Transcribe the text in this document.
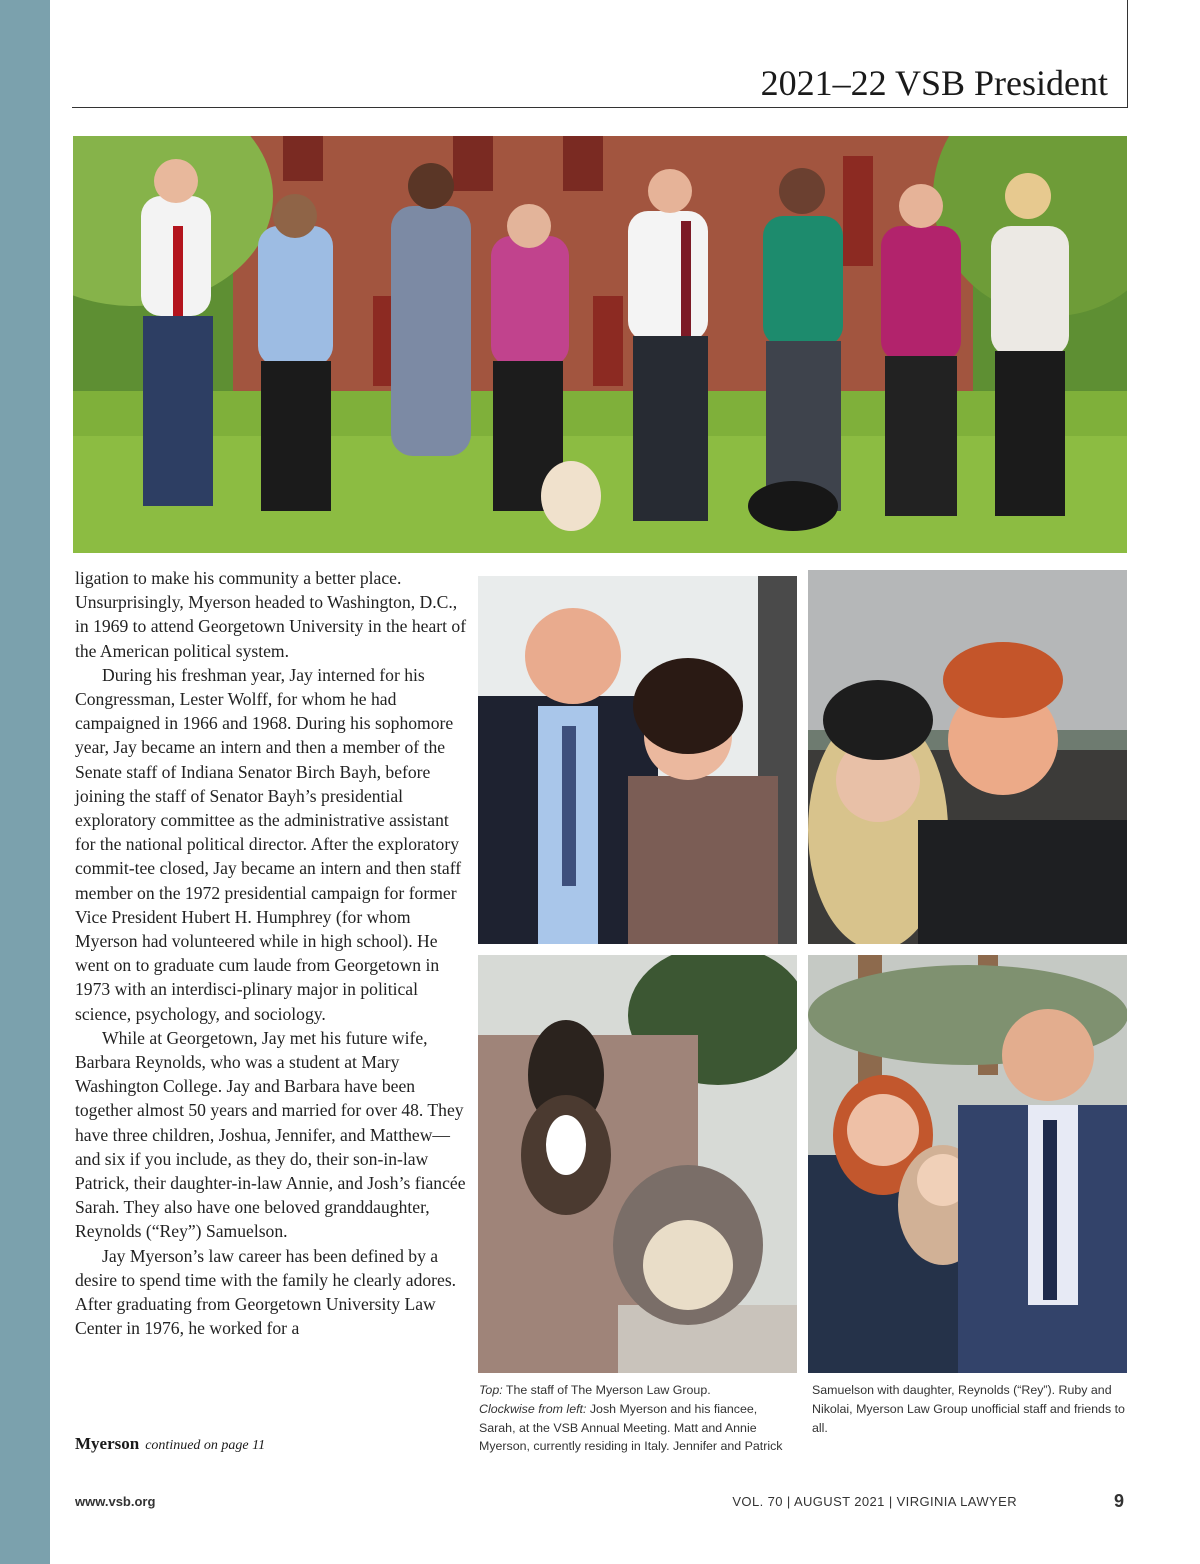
2021–22 VSB President

ligation to make his community a better place. Unsurprisingly, Myerson headed to Washington, D.C., in 1969 to attend Georgetown University in the heart of the American political system.

During his freshman year, Jay interned for his Congressman, Lester Wolff, for whom he had campaigned in 1966 and 1968. During his sophomore year, Jay became an intern and then a member of the Senate staff of Indiana Senator Birch Bayh, before joining the staff of Senator Bayh’s presidential exploratory committee as the administrative assistant for the national political director. After the exploratory commit-tee closed, Jay became an intern and then staff member on the 1972 presidential campaign for former Vice President Hubert H. Humphrey (for whom Myerson had volunteered while in high school). He went on to graduate cum laude from Georgetown in 1973 with an interdisci-plinary major in political science, psychology, and sociology.

While at Georgetown, Jay met his future wife, Barbara Reynolds, who was a student at Mary Washington College. Jay and Barbara have been together almost 50 years and married for over 48. They have three children, Joshua, Jennifer, and Matthew—and six if you include, as they do, their son-in-law Patrick, their daughter-in-law Annie, and Josh’s fiancée Sarah. They also have one beloved granddaughter, Reynolds (“Rey”) Samuelson.

Jay Myerson’s law career has been defined by a desire to spend time with the family he clearly adores. After graduating from Georgetown University Law Center in 1976, he worked for a

Myerson continued on page 11
Top: The staff of The Myerson Law Group.
Clockwise from left: Josh Myerson and his fiancee, Sarah, at the VSB Annual Meeting. Matt and Annie Myerson, currently residing in Italy. Jennifer and Patrick
Samuelson with daughter, Reynolds (“Rey”). Ruby and Nikolai, Myerson Law Group unofficial staff and friends to all.
www.vsb.org	VOL. 70 | AUGUST 2021 | VIRGINIA LAWYER	9
